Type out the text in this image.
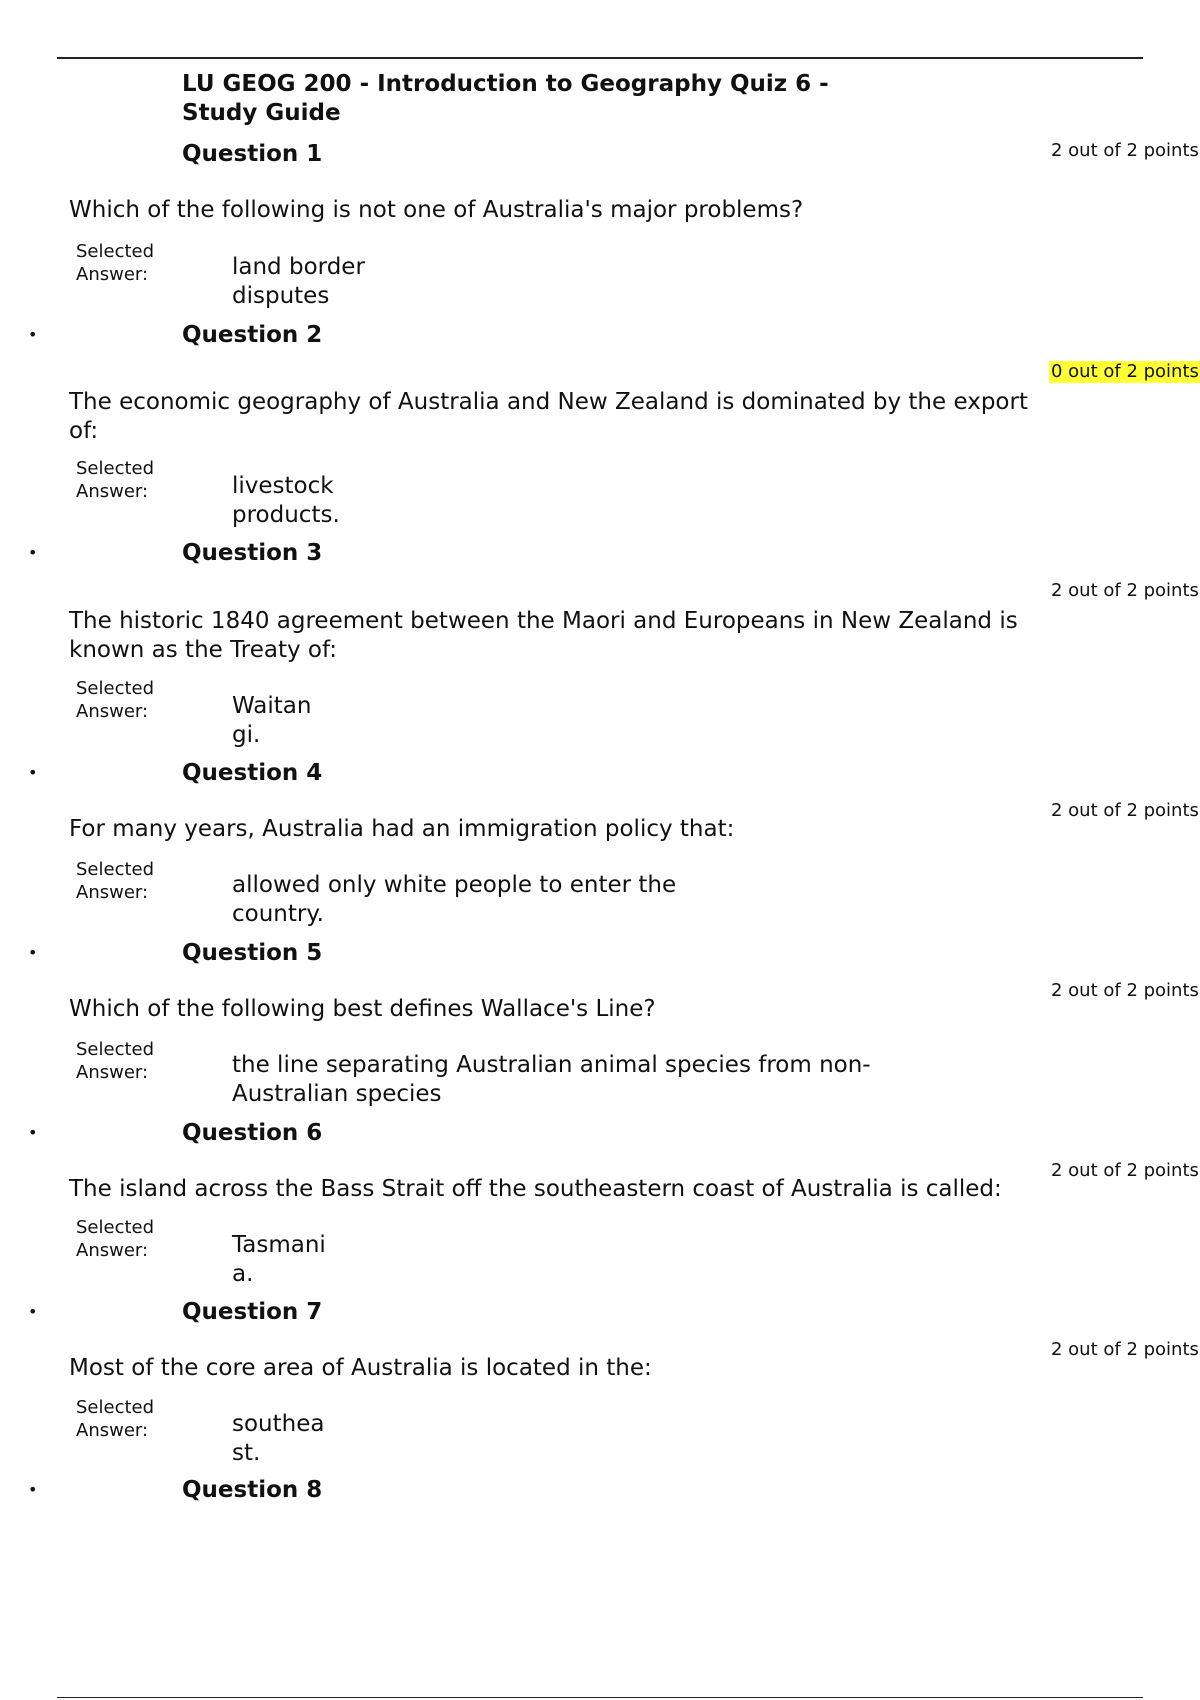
LU GEOG 200 - Introduction to Geography Quiz 6 -
Study Guide
Question 1	2 out of 2 points

Which of the following is not one of Australia's major problems?

Selected
Answer:	land border
disputes
•	Question 2
0 out of 2 points

The economic geography of Australia and New Zealand is dominated by the export of:

Selected
Answer:	livestock
products.
•	Question 3
2 out of 2 points

The historic 1840 agreement between the Maori and Europeans in New Zealand is known as the Treaty of:

Selected
Answer:	Waitan
gi.
•	Question 4
2 out of 2 points

For many years, Australia had an immigration policy that:

Selected
Answer:	allowed only white people to enter the
country.
•	Question 5
2 out of 2 points

Which of the following best defines Wallace's Line?

Selected
Answer:	the line separating Australian animal species from non-
Australian species
•	Question 6
2 out of 2 points

The island across the Bass Strait off the southeastern coast of Australia is called:

Selected
Answer:	Tasmani
a.
•	Question 7
2 out of 2 points

Most of the core area of Australia is located in the:

Selected
Answer:	southea
st.
•	Question 8
